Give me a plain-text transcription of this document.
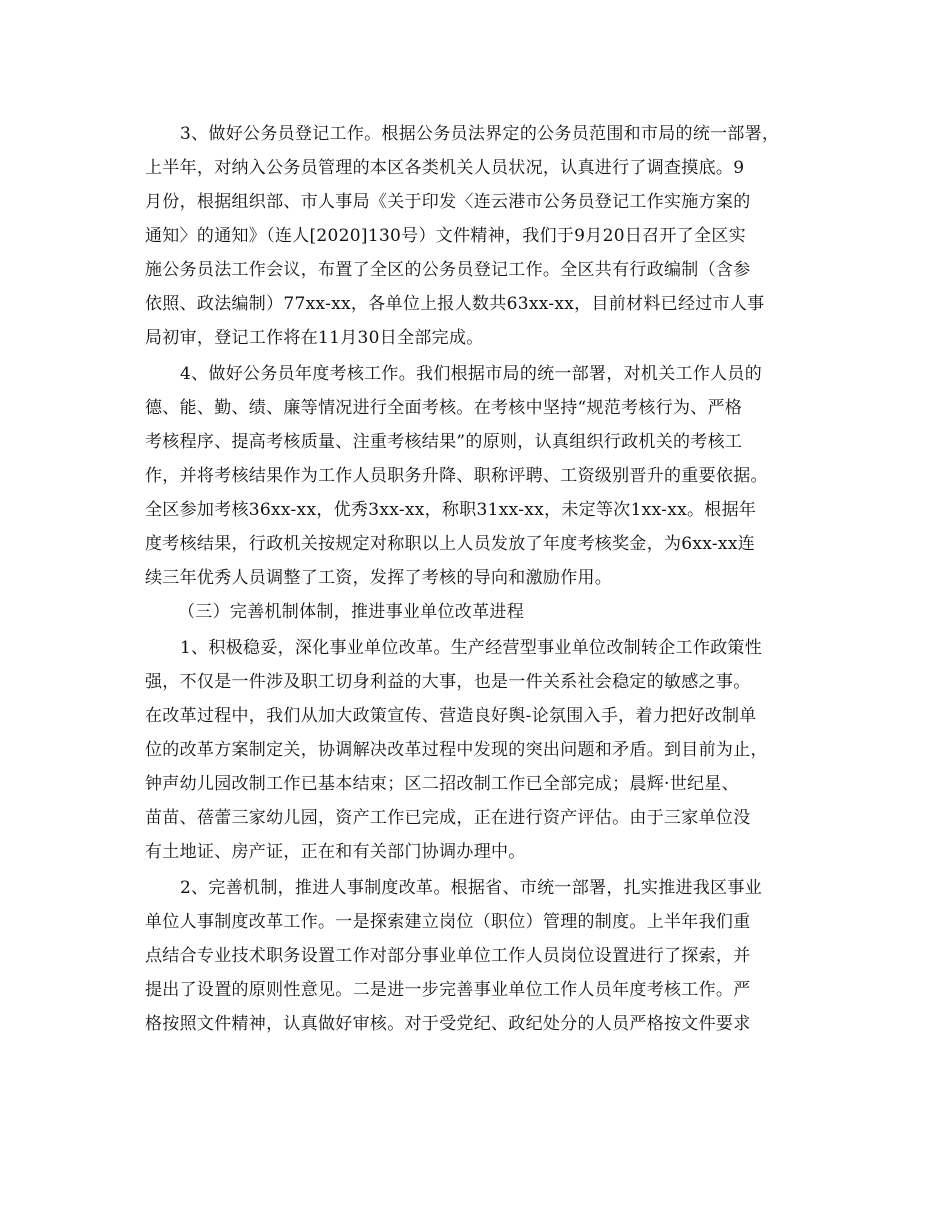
3、做好公务员登记工作。根据公务员法界定的公务员范围和市局的统一部署，
上半年，对纳入公务员管理的本区各类机关人员状况，认真进行了调查摸底。9
月份，根据组织部、市人事局《关于印发〈连云港市公务员登记工作实施方案的
通知〉的通知》（连人[2020]130号）文件精神，我们于9月20日召开了全区实
施公务员法工作会议，布置了全区的公务员登记工作。全区共有行政编制（含参
依照、政法编制）77xx-xx，各单位上报人数共63xx-xx，目前材料已经过市人事
局初审，登记工作将在11月30日全部完成。
4、做好公务员年度考核工作。我们根据市局的统一部署，对机关工作人员的
德、能、勤、绩、廉等情况进行全面考核。在考核中坚持“规范考核行为、严格
考核程序、提高考核质量、注重考核结果”的原则，认真组织行政机关的考核工
作，并将考核结果作为工作人员职务升降、职称评聘、工资级别晋升的重要依据。
全区参加考核36xx-xx，优秀3xx-xx，称职31xx-xx，未定等次1xx-xx。根据年
度考核结果，行政机关按规定对称职以上人员发放了年度考核奖金，为6xx-xx连
续三年优秀人员调整了工资，发挥了考核的导向和激励作用。
（三）完善机制体制，推进事业单位改革进程
1、积极稳妥，深化事业单位改革。生产经营型事业单位改制转企工作政策性
强，不仅是一件涉及职工切身利益的大事，也是一件关系社会稳定的敏感之事。
在改革过程中，我们从加大政策宣传、营造良好舆-论氛围入手，着力把好改制单
位的改革方案制定关，协调解决改革过程中发现的突出问题和矛盾。到目前为止，
钟声幼儿园改制工作已基本结束；区二招改制工作已全部完成；晨辉·世纪星、
苗苗、蓓蕾三家幼儿园，资产工作已完成，正在进行资产评估。由于三家单位没
有土地证、房产证，正在和有关部门协调办理中。
2、完善机制，推进人事制度改革。根据省、市统一部署，扎实推进我区事业
单位人事制度改革工作。一是探索建立岗位（职位）管理的制度。上半年我们重
点结合专业技术职务设置工作对部分事业单位工作人员岗位设置进行了探索，并
提出了设置的原则性意见。二是进一步完善事业单位工作人员年度考核工作。严
格按照文件精神，认真做好审核。对于受党纪、政纪处分的人员严格按文件要求
